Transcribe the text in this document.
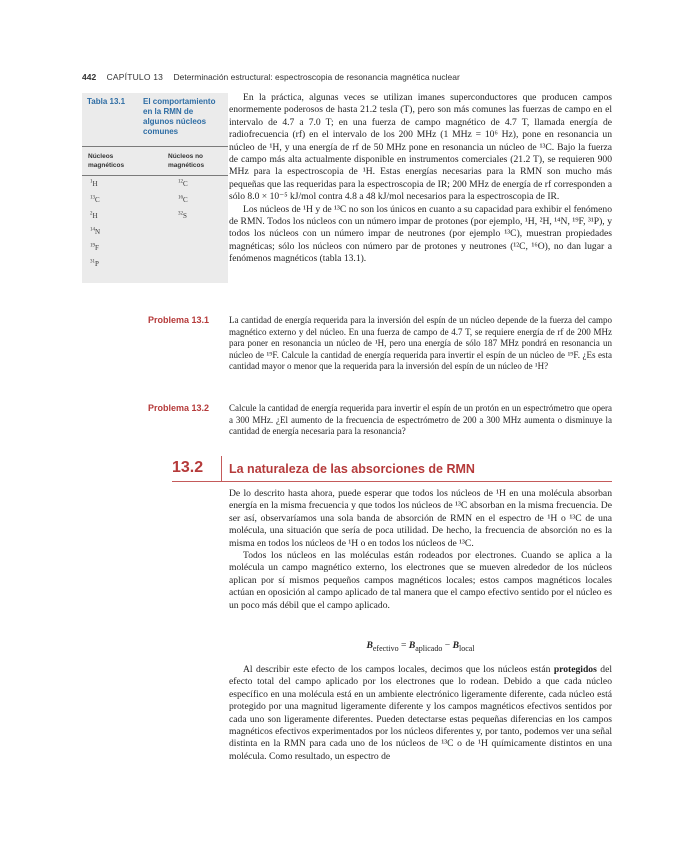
442 CAPÍTULO 13 Determinación estructural: espectroscopia de resonancia magnética nuclear
Tabla 13.1 El comportamiento en la RMN de algunos núcleos comunes
Núcleos magnéticos
Núcleos no magnéticos
$^1$H	$^{12}$C
$^{13}$C	$^{16}$C
$^2$H	$^{32}$S
$^{14}$N
$^{19}$F
$^{31}$P

En la práctica, algunas veces se utilizan imanes superconductores que producen campos enormemente poderosos de hasta 21.2 tesla (T), pero son más comunes las fuerzas de campo en el intervalo de 4.7 a 7.0 T; en una fuerza de campo magnético de 4.7 T, llamada energía de radiofrecuencia (rf) en el intervalo de los 200 MHz (1 MHz = 10⁶ Hz), pone en resonancia un núcleo de ¹H, y una energía de rf de 50 MHz pone en resonancia un núcleo de ¹³C. Bajo la fuerza de campo más alta actualmente disponible en instrumentos comerciales (21.2 T), se requieren 900 MHz para la espectroscopia de ¹H. Estas energías necesarias para la RMN son mucho más pequeñas que las requeridas para la espectroscopia de IR; 200 MHz de energía de rf corresponden a sólo 8.0 × 10⁻⁵ kJ/mol contra 4.8 a 48 kJ/mol necesarios para la espectroscopia de IR.

Los núcleos de ¹H y de ¹³C no son los únicos en cuanto a su capacidad para exhibir el fenómeno de RMN. Todos los núcleos con un número impar de protones (por ejemplo, ¹H, ²H, ¹⁴N, ¹⁹F, ³¹P), y todos los núcleos con un número impar de neutrones (por ejemplo ¹³C), muestran propiedades magnéticas; sólo los núcleos con número par de protones y neutrones (¹²C, ¹⁶O), no dan lugar a fenómenos magnéticos (tabla 13.1).

Problema 13.1 La cantidad de energía requerida para la inversión del espín de un núcleo depende de la fuerza del campo magnético externo y del núcleo. En una fuerza de campo de 4.7 T, se requiere energía de rf de 200 MHz para poner en resonancia un núcleo de ¹H, pero una energía de sólo 187 MHz pondrá en resonancia un núcleo de ¹⁹F. Calcule la cantidad de energía requerida para invertir el espín de un núcleo de ¹⁹F. ¿Es esta cantidad mayor o menor que la requerida para la inversión del espín de un núcleo de ¹H?
Problema 13.2 Calcule la cantidad de energía requerida para invertir el espín de un protón en un espectrómetro que opera a 300 MHz. ¿El aumento de la frecuencia de espectrómetro de 200 a 300 MHz aumenta o disminuye la cantidad de energía necesaria para la resonancia?
13.2 La naturaleza de las absorciones de RMN

De lo descrito hasta ahora, puede esperar que todos los núcleos de ¹H en una molécula absorban energía en la misma frecuencia y que todos los núcleos de ¹³C absorban en la misma frecuencia. De ser así, observaríamos una sola banda de absorción de RMN en el espectro de ¹H o ¹³C de una molécula, una situación que sería de poca utilidad. De hecho, la frecuencia de absorción no es la misma en todos los núcleos de ¹H o en todos los núcleos de ¹³C.

Todos los núcleos en las moléculas están rodeados por electrones. Cuando se aplica a la molécula un campo magnético externo, los electrones que se mueven alrededor de los núcleos aplican por sí mismos pequeños campos magnéticos locales; estos campos magnéticos locales actúan en oposición al campo aplicado de tal manera que el campo efectivo sentido por el núcleo es un poco más débil que el campo aplicado.

$B_{efectivo} = B_{aplicado} - B_{local}$

Al describir este efecto de los campos locales, decimos que los núcleos están protegidos del efecto total del campo aplicado por los electrones que lo rodean. Debido a que cada núcleo específico en una molécula está en un ambiente electrónico ligeramente diferente, cada núcleo está protegido por una magnitud ligeramente diferente y los campos magnéticos efectivos sentidos por cada uno son ligeramente diferentes. Pueden detectarse estas pequeñas diferencias en los campos magnéticos efectivos experimentados por los núcleos diferentes y, por tanto, podemos ver una señal distinta en la RMN para cada uno de los núcleos de ¹³C o de ¹H químicamente distintos en una molécula. Como resultado, un espectro de
